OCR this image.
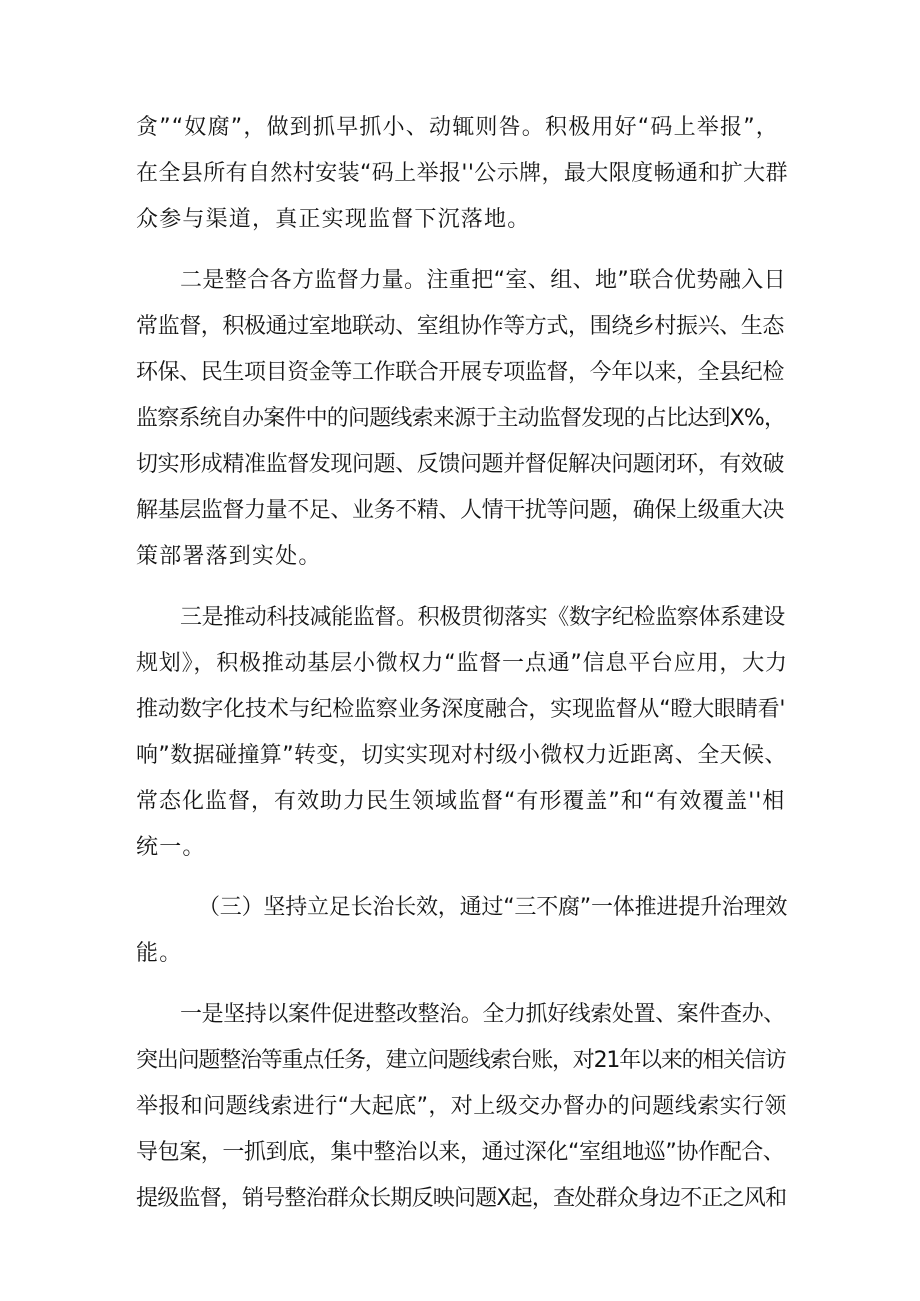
贪”“奴腐”，做到抓早抓小、动辄则咎。积极用好“码上举报”，
在全县所有自然村安装“码上举报''公示牌，最大限度畅通和扩大群
众参与渠道，真正实现监督下沉落地。
二是整合各方监督力量。注重把“室、组、地”联合优势融入日
常监督，积极通过室地联动、室组协作等方式，围绕乡村振兴、生态
环保、民生项目资金等工作联合开展专项监督，今年以来，全县纪检
监察系统自办案件中的问题线索来源于主动监督发现的占比达到X%，
切实形成精准监督发现问题、反馈问题并督促解决问题闭环，有效破
解基层监督力量不足、业务不精、人情干扰等问题，确保上级重大决
策部署落到实处。
三是推动科技减能监督。积极贯彻落实《数字纪检监察体系建设
规划》，积极推动基层小微权力“监督一点通”信息平台应用，大力
推动数字化技术与纪检监察业务深度融合，实现监督从“瞪大眼睛看'
响”数据碰撞算”转变，切实实现对村级小微权力近距离、全天候、
常态化监督，有效助力民生领域监督“有形覆盖”和“有效覆盖''相
统一。
（三）坚持立足长治长效，通过“三不腐”一体推进提升治理效
能。
一是坚持以案件促进整改整治。全力抓好线索处置、案件查办、
突出问题整治等重点任务，建立问题线索台账，对21年以来的相关信访
举报和问题线索进行“大起底”，对上级交办督办的问题线索实行领
导包案，一抓到底，集中整治以来，通过深化“室组地巡”协作配合、
提级监督，销号整治群众长期反映问题X起，查处群众身边不正之风和
